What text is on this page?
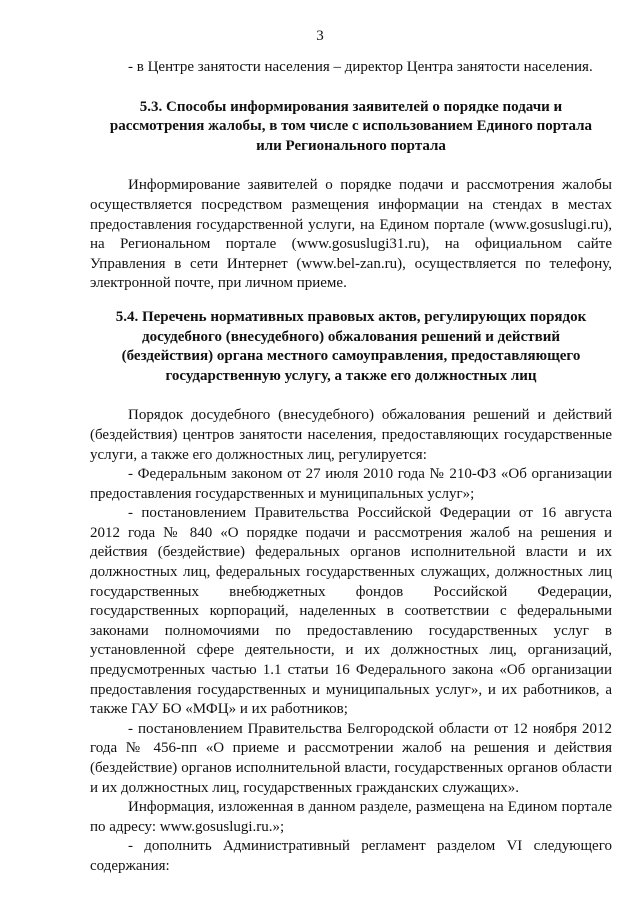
3

- в Центре занятости населения – директор Центра занятости населения.

5.3. Способы информирования заявителей о порядке подачи и рассмотрения жалобы, в том числе с использованием Единого портала или Регионального портала

Информирование заявителей о порядке подачи и рассмотрения жалобы осуществляется посредством размещения информации на стендах в местах предоставления государственной услуги, на Едином портале (www.gosuslugi.ru), на Региональном портале (www.gosuslugi31.ru), на официальном сайте Управления в сети Интернет (www.bel-zan.ru), осуществляется по телефону, электронной почте, при личном приеме.

5.4. Перечень нормативных правовых актов, регулирующих порядок досудебного (внесудебного) обжалования решений и действий (бездействия) органа местного самоуправления, предоставляющего государственную услугу, а также его должностных лиц

Порядок досудебного (внесудебного) обжалования решений и действий (бездействия) центров занятости населения, предоставляющих государственные услуги, а также его должностных лиц, регулируется:

- Федеральным законом от 27 июля 2010 года № 210-ФЗ «Об организации предоставления государственных и муниципальных услуг»;

- постановлением Правительства Российской Федерации от 16 августа 2012 года № 840 «О порядке подачи и рассмотрения жалоб на решения и действия (бездействие) федеральных органов исполнительной власти и их должностных лиц, федеральных государственных служащих, должностных лиц государственных внебюджетных фондов Российской Федерации, государственных корпораций, наделенных в соответствии с федеральными законами полномочиями по предоставлению государственных услуг в установленной сфере деятельности, и их должностных лиц, организаций, предусмотренных частью 1.1 статьи 16 Федерального закона «Об организации предоставления государственных и муниципальных услуг», и их работников, а также ГАУ БО «МФЦ» и их работников;

- постановлением Правительства Белгородской области от 12 ноября 2012 года № 456-пп «О приеме и рассмотрении жалоб на решения и действия (бездействие) органов исполнительной власти, государственных органов области и их должностных лиц, государственных гражданских служащих».

Информация, изложенная в данном разделе, размещена на Едином портале по адресу: www.gosuslugi.ru.»;

- дополнить Административный регламент разделом VI следующего содержания:
